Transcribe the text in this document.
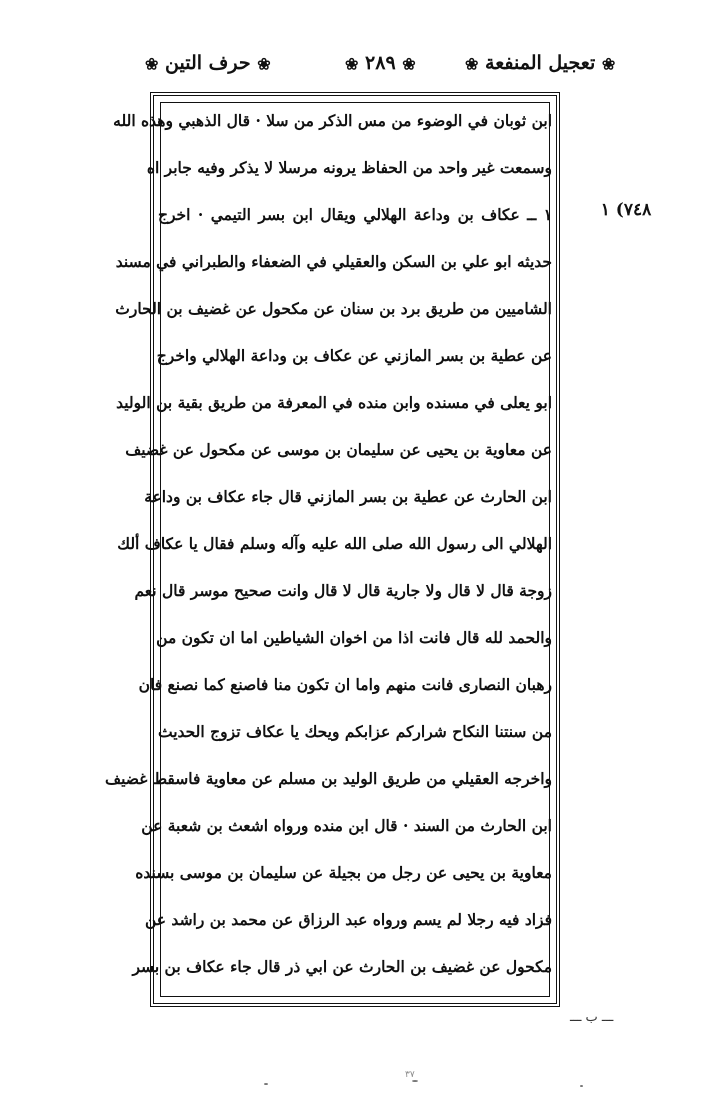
❀ حرف التين ❀	❀ ٢٨٩ ❀	❀ تعجيل المنفعة ❀
٧٤٨) ١
ابن ثوبان في الوضوء من مس الذكر من سلا · قال الذهبي وهذه الله
وسمعت غير واحد من الحفاظ يرونه مرسلا لا يذكر وفيه جابر اه
١ ــ عكاف بن وداعة الهلالي ويقال ابن بسر التيمي · اخرج
حديثه ابو علي بن السكن والعقيلي في الضعفاء والطبراني في مسند
الشاميين من طريق برد بن سنان عن مكحول عن غضيف بن الحارث
عن عطية بن بسر المازني عن عكاف بن وداعة الهلالي واخرج
ابو يعلى في مسنده وابن منده في المعرفة من طريق بقية بن الوليد
عن معاوية بن يحيى عن سليمان بن موسى عن مكحول عن غضيف
ابن الحارث عن عطية بن بسر المازني قال جاء عكاف بن وداعة
الهلالي الى رسول الله صلى الله عليه وآله وسلم فقال يا عكاف ألك
زوجة قال لا قال ولا جارية قال لا قال وانت صحيح موسر قال نعم
والحمد لله قال فانت اذا من اخوان الشياطين اما ان تكون من
رهبان النصارى فانت منهم واما ان تكون منا فاصنع كما نصنع فان
من سنتنا النكاح شراركم عزابكم ويحك يا عكاف تزوج الحديث
واخرجه العقيلي من طريق الوليد بن مسلم عن معاوية فاسقط غضيف
ابن الحارث من السند · قال ابن منده ورواه اشعث بن شعبة عن
معاوية بن يحيى عن رجل من بجيلة عن سليمان بن موسى بسنده
فزاد فيه رجلا لم يسم ورواه عبد الرزاق عن محمد بن راشد عن
مكحول عن غضيف بن الحارث عن ابي ذر قال جاء عكاف بن بسر
ـــ ب ـــ
٣٧
